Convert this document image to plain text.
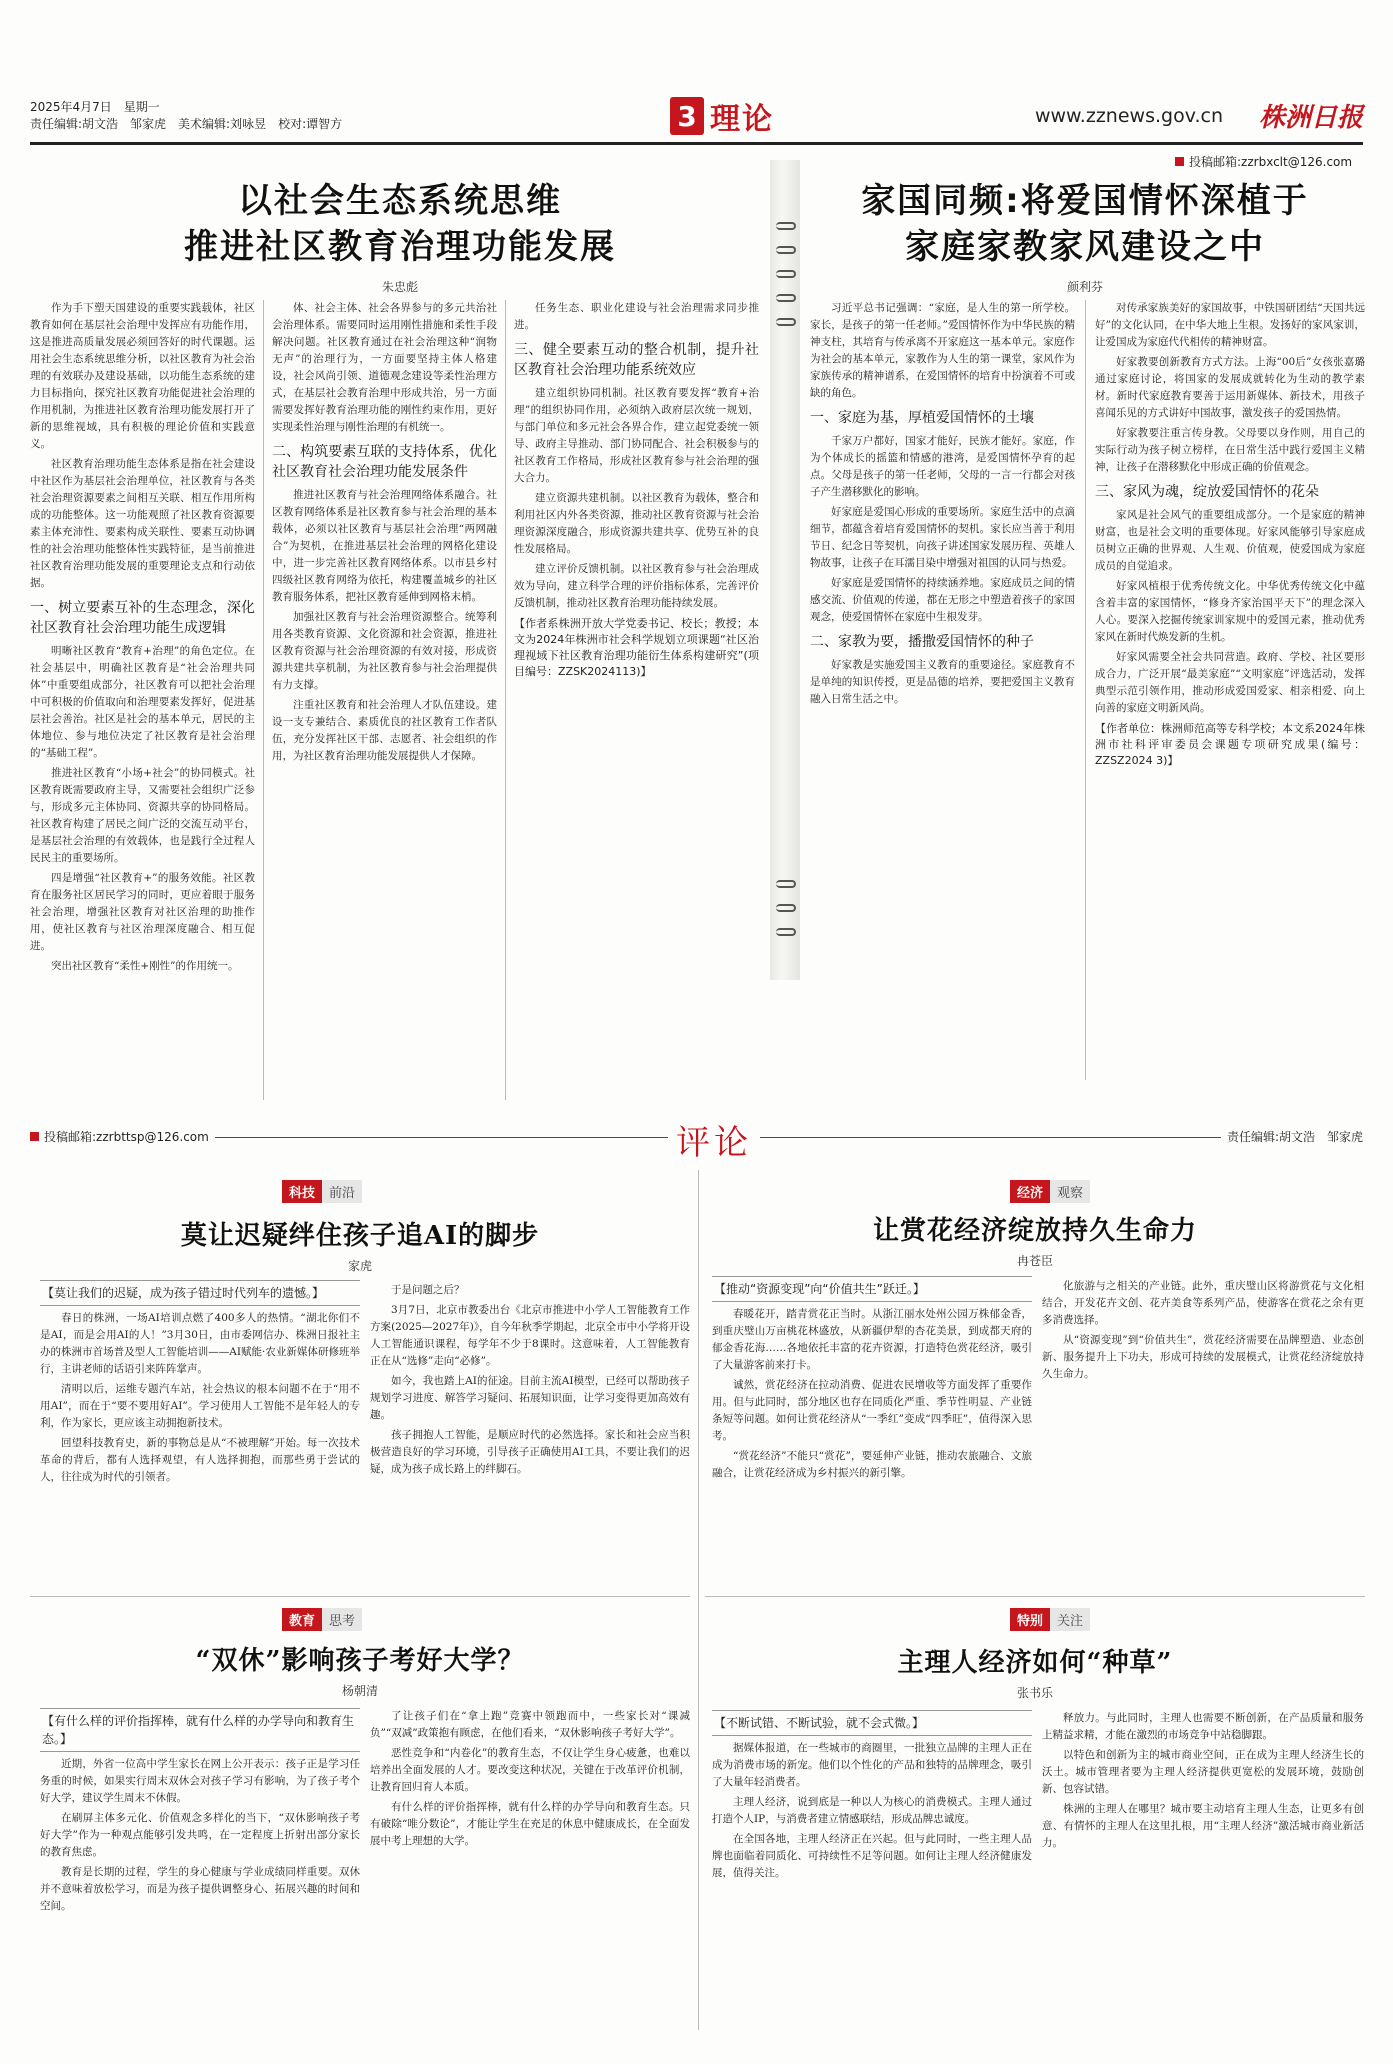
2025年4月7日　星期一
责任编辑:胡文浩　邹家虎　美术编辑:刘咏昱　校对:谭智方	3 理论	www.zznews.gov.cn 株洲日报
投稿邮箱:zzrbxclt@126.com
以社会生态系统思维
推进社区教育治理功能发展
朱忠彪

作为手下塑天国建设的重要实践载体，社区教育如何在基层社会治理中发挥应有功能作用，这是推进高质量发展必须回答好的时代课题。运用社会生态系统思维分析，以社区教育为社会治理的有效联办及建设基础，以功能生态系统的建力目标指向，探究社区教育功能促进社会治理的作用机制，为推进社区教育治理功能发展打开了新的思维视域，具有积极的理论价值和实践意义。

社区教育治理功能生态体系是指在社会建设中社区作为基层社会治理单位，社区教育与各类社会治理资源要素之间相互关联、相互作用所构成的功能整体。这一功能观照了社区教育资源要素主体充沛性、要素构成关联性、要素互动协调性的社会治理功能整体性实践特征，是当前推进社区教育治理功能发展的重要理论支点和行动依据。

一、树立要素互补的生态理念，深化社区教育社会治理功能生成逻辑

明晰社区教育“教育+治理”的角色定位。在社会基层中，明确社区教育是“社会治理共同体”中重要组成部分，社区教育可以把社会治理中可积极的价值取向和治理要素发挥好，促进基层社会善治。社区是社会的基本单元，居民的主体地位、参与地位决定了社区教育是社会治理的“基础工程”。

推进社区教育“小场+社会”的协同模式。社区教育既需要政府主导，又需要社会组织广泛参与，形成多元主体协同、资源共享的协同格局。社区教育构建了居民之间广泛的交流互动平台，是基层社会治理的有效载体，也是践行全过程人民民主的重要场所。

四是增强“社区教育+”的服务效能。社区教育在服务社区居民学习的同时，更应着眼于服务社会治理，增强社区教育对社区治理的助推作用，使社区教育与社区治理深度融合、相互促进。

突出社区教育“柔性+刚性”的作用统一。

体、社会主体、社会各界参与的多元共治社会治理体系。需要同时运用刚性措施和柔性手段解决问题。社区教育通过在社会治理这种“润物无声”的治理行为，一方面要坚持主体人格建设，社会风尚引领、道德观念建设等柔性治理方式，在基层社会教育治理中形成共治，另一方面需要发挥好教育治理功能的刚性约束作用，更好实现柔性治理与刚性治理的有机统一。

二、构筑要素互联的支持体系，优化社区教育社会治理功能发展条件

推进社区教育与社会治理网络体系融合。社区教育网络体系是社区教育参与社会治理的基本载体，必须以社区教育与基层社会治理“两网融合”为契机，在推进基层社会治理的网格化建设中，进一步完善社区教育网络体系。以市县乡村四级社区教育网络为依托，构建覆盖城乡的社区教育服务体系，把社区教育延伸到网格末梢。

加强社区教育与社会治理资源整合。统筹利用各类教育资源、文化资源和社会资源，推进社区教育资源与社会治理资源的有效对接，形成资源共建共享机制，为社区教育参与社会治理提供有力支撑。

注重社区教育和社会治理人才队伍建设。建设一支专兼结合、素质优良的社区教育工作者队伍，充分发挥社区干部、志愿者、社会组织的作用，为社区教育治理功能发展提供人才保障。

任务生态、职业化建设与社会治理需求同步推进。

三、健全要素互动的整合机制，提升社区教育社会治理功能系统效应

建立组织协同机制。社区教育要发挥“教育+治理”的组织协同作用，必须纳入政府层次统一规划，与部门单位和多元社会各界合作，建立起党委统一领导、政府主导推动、部门协同配合、社会积极参与的社区教育工作格局，形成社区教育参与社会治理的强大合力。

建立资源共建机制。以社区教育为载体，整合和利用社区内外各类资源，推动社区教育资源与社会治理资源深度融合，形成资源共建共享、优势互补的良性发展格局。

建立评价反馈机制。以社区教育参与社会治理成效为导向，建立科学合理的评价指标体系，完善评价反馈机制，推动社区教育治理功能持续发展。

【作者系株洲开放大学党委书记、校长；教授；本文为2024年株洲市社会科学规划立项课题“社区治理视域下社区教育治理功能衍生体系构建研究”(项目编号：ZZSK2024113)】
家国同频:将爱国情怀深植于
家庭家教家风建设之中
颜利芬

习近平总书记强调：“家庭，是人生的第一所学校。家长，是孩子的第一任老师。”爱国情怀作为中华民族的精神支柱，其培育与传承离不开家庭这一基本单元。家庭作为社会的基本单元，家教作为人生的第一课堂，家风作为家族传承的精神谱系，在爱国情怀的培育中扮演着不可或缺的角色。

一、家庭为基，厚植爱国情怀的土壤

千家万户都好，国家才能好，民族才能好。家庭，作为个体成长的摇篮和情感的港湾，是爱国情怀孕育的起点。父母是孩子的第一任老师，父母的一言一行都会对孩子产生潜移默化的影响。

好家庭是爱国心形成的重要场所。家庭生活中的点滴细节，都蕴含着培育爱国情怀的契机。家长应当善于利用节日、纪念日等契机，向孩子讲述国家发展历程、英雄人物故事，让孩子在耳濡目染中增强对祖国的认同与热爱。

好家庭是爱国情怀的持续涵养地。家庭成员之间的情感交流、价值观的传递，都在无形之中塑造着孩子的家国观念，使爱国情怀在家庭中生根发芽。

二、家教为要，播撒爱国情怀的种子

好家教是实施爱国主义教育的重要途径。家庭教育不是单纯的知识传授，更是品德的培养，要把爱国主义教育融入日常生活之中。

对传承家族美好的家国故事，中铁国研团结“天国共远好”的文化认同，在中华大地上生根。发扬好的家风家训，让爱国成为家庭代代相传的精神财富。

好家教要创新教育方式方法。上海“00后”女孩张嘉璐通过家庭讨论，将国家的发展成就转化为生动的教学素材。新时代家庭教育要善于运用新媒体、新技术，用孩子喜闻乐见的方式讲好中国故事，激发孩子的爱国热情。

好家教要注重言传身教。父母要以身作则，用自己的实际行动为孩子树立榜样，在日常生活中践行爱国主义精神，让孩子在潜移默化中形成正确的价值观念。

三、家风为魂，绽放爱国情怀的花朵

家风是社会风气的重要组成部分。一个是家庭的精神财富，也是社会文明的重要体现。好家风能够引导家庭成员树立正确的世界观、人生观、价值观，使爱国成为家庭成员的自觉追求。

好家风植根于优秀传统文化。中华优秀传统文化中蕴含着丰富的家国情怀，“修身齐家治国平天下”的理念深入人心。要深入挖掘传统家训家规中的爱国元素，推动优秀家风在新时代焕发新的生机。

好家风需要全社会共同营造。政府、学校、社区要形成合力，广泛开展“最美家庭”“文明家庭”评选活动，发挥典型示范引领作用，推动形成爱国爱家、相亲相爱、向上向善的家庭文明新风尚。

【作者单位：株洲师范高等专科学校；本文系2024年株洲市社科评审委员会课题专项研究成果(编号：ZZSZ2024 3)】
投稿邮箱:zzrbttsp@126.com	评论	责任编辑:胡文浩　邹家虎
科技	前沿
莫让迟疑绊住孩子追AI的脚步
家虎
【莫让我们的迟疑，成为孩子错过时代列车的遗憾。】

春日的株洲，一场AI培训点燃了400多人的热情。“湖北你们不是AI，而是会用AI的人！”3月30日，由市委网信办、株洲日报社主办的株洲市首场普及型人工智能培训——AI赋能·农业新媒体研修班举行，主讲老师的话语引来阵阵掌声。

清明以后，运维专题汽车站，社会热议的根本问题不在于“用不用AI”，而在于“要不要用好AI”。学习使用人工智能不是年轻人的专利，作为家长，更应该主动拥抱新技术。

回望科技教育史，新的事物总是从“不被理解”开始。每一次技术革命的背后，都有人选择观望，有人选择拥抱，而那些勇于尝试的人，往往成为时代的引领者。

于是问题之后？

3月7日，北京市教委出台《北京市推进中小学人工智能教育工作方案(2025—2027年)》，自今年秋季学期起，北京全市中小学将开设人工智能通识课程，每学年不少于8课时。这意味着，人工智能教育正在从“选修”走向“必修”。

如今，我也踏上AI的征途。目前主流AI模型，已经可以帮助孩子规划学习进度、解答学习疑问、拓展知识面，让学习变得更加高效有趣。

孩子拥抱人工智能，是顺应时代的必然选择。家长和社会应当积极营造良好的学习环境，引导孩子正确使用AI工具，不要让我们的迟疑，成为孩子成长路上的绊脚石。

经济	观察
让赏花经济绽放持久生命力
冉苍臣
【推动“资源变现”向“价值共生”跃迁。】

春暖花开，踏青赏花正当时。从浙江丽水处州公园万株郁金香，到重庆璧山万亩桃花林盛放，从新疆伊犁的杏花美景，到成都天府的郁金香花海……各地依托丰富的花卉资源，打造特色赏花经济，吸引了大量游客前来打卡。

诚然，赏花经济在拉动消费、促进农民增收等方面发挥了重要作用。但与此同时，部分地区也存在同质化严重、季节性明显、产业链条短等问题。如何让赏花经济从“一季红”变成“四季旺”，值得深入思考。

“赏花经济”不能只“赏花”，要延伸产业链，推动农旅融合、文旅融合，让赏花经济成为乡村振兴的新引擎。

化旅游与之相关的产业链。此外，重庆璧山区将游赏花与文化相结合，开发花卉文创、花卉美食等系列产品，使游客在赏花之余有更多消费选择。

从“资源变现”到“价值共生”，赏花经济需要在品牌塑造、业态创新、服务提升上下功夫，形成可持续的发展模式，让赏花经济绽放持久生命力。

教育	思考
“双休”影响孩子考好大学？
杨朝清
【有什么样的评价指挥棒，就有什么样的办学导向和教育生态。】

近期，外省一位高中学生家长在网上公开表示：孩子正是学习任务重的时候，如果实行周末双休会对孩子学习有影响，为了孩子考个好大学，建议学生周末不休假。

在刷屏主体多元化、价值观念多样化的当下，“双休影响孩子考好大学”作为一种观点能够引发共鸣，在一定程度上折射出部分家长的教育焦虑。

教育是长期的过程，学生的身心健康与学业成绩同样重要。双休并不意味着放松学习，而是为孩子提供调整身心、拓展兴趣的时间和空间。

了让孩子们在“拿上跑”竞赛中领跑而中，一些家长对“课减负”“双减”政策抱有顾虑，在他们看来，“双休影响孩子考好大学”。

恶性竞争和“内卷化”的教育生态，不仅让学生身心疲惫，也难以培养出全面发展的人才。要改变这种状况，关键在于改革评价机制，让教育回归育人本质。

有什么样的评价指挥棒，就有什么样的办学导向和教育生态。只有破除“唯分数论”，才能让学生在充足的休息中健康成长，在全面发展中考上理想的大学。

特别	关注
主理人经济如何“种草”
张书乐
【不断试错、不断试验，就不会式微。】

据媒体报道，在一些城市的商圈里，一批独立品牌的主理人正在成为消费市场的新宠。他们以个性化的产品和独特的品牌理念，吸引了大量年轻消费者。

主理人经济，说到底是一种以人为核心的消费模式。主理人通过打造个人IP，与消费者建立情感联结，形成品牌忠诚度。

在全国各地，主理人经济正在兴起。但与此同时，一些主理人品牌也面临着同质化、可持续性不足等问题。如何让主理人经济健康发展，值得关注。

释放力。与此同时，主理人也需要不断创新，在产品质量和服务上精益求精，才能在激烈的市场竞争中站稳脚跟。

以特色和创新为主的城市商业空间，正在成为主理人经济生长的沃土。城市管理者要为主理人经济提供更宽松的发展环境，鼓励创新、包容试错。

株洲的主理人在哪里？城市要主动培育主理人生态，让更多有创意、有情怀的主理人在这里扎根，用“主理人经济”激活城市商业新活力。
